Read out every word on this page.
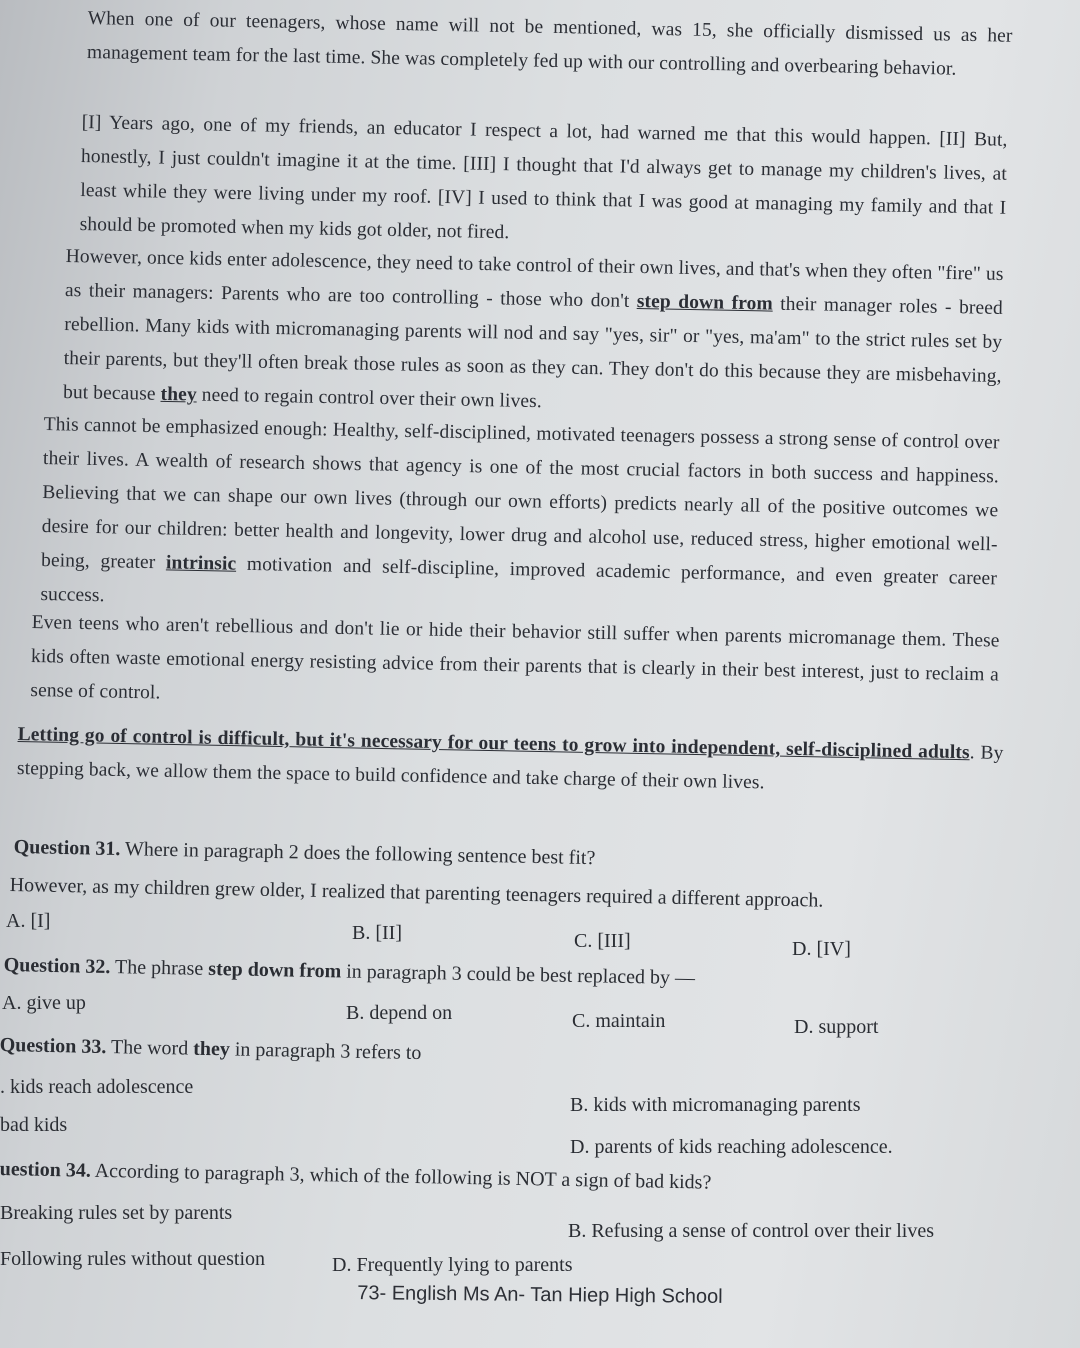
When one of our teenagers, whose name will not be mentioned, was 15, she officially dismissed us as her management team for the last time. She was completely fed up with our controlling and overbearing behavior.

[I] Years ago, one of my friends, an educator I respect a lot, had warned me that this would happen. [II] But, honestly, I just couldn't imagine it at the time. [III] I thought that I'd always get to manage my children's lives, at least while they were living under my roof. [IV] I used to think that I was good at managing my family and that I should be promoted when my kids got older, not fired.

However, once kids enter adolescence, they need to take control of their own lives, and that's when they often "fire" us as their managers: Parents who are too controlling - those who don't step down from their manager roles - breed rebellion. Many kids with micromanaging parents will nod and say "yes, sir" or "yes, ma'am" to the strict rules set by their parents, but they'll often break those rules as soon as they can. They don't do this because they are misbehaving, but because they need to regain control over their own lives.

This cannot be emphasized enough: Healthy, self-disciplined, motivated teenagers possess a strong sense of control over their lives. A wealth of research shows that agency is one of the most crucial factors in both success and happiness. Believing that we can shape our own lives (through our own efforts) predicts nearly all of the positive outcomes we desire for our children: better health and longevity, lower drug and alcohol use, reduced stress, higher emotional well-being, greater intrinsic motivation and self-discipline, improved academic performance, and even greater career success.

Even teens who aren't rebellious and don't lie or hide their behavior still suffer when parents micromanage them. These kids often waste emotional energy resisting advice from their parents that is clearly in their best interest, just to reclaim a sense of control.

Letting go of control is difficult, but it's necessary for our teens to grow into independent, self-disciplined adults. By stepping back, we allow them the space to build confidence and take charge of their own lives.

Question 31. Where in paragraph 2 does the following sentence best fit?
However, as my children grew older, I realized that parenting teenagers required a different approach.
A. [I]
B. [II]	C. [III]	D. [IV]
Question 32. The phrase step down from in paragraph 3 could be best replaced by —
A. give up	B. depend on	C. maintain	D. support
Question 33. The word they in paragraph 3 refers to
. kids reach adolescence
B. kids with micromanaging parents
bad kids
D. parents of kids reaching adolescence.
uestion 34. According to paragraph 3, which of the following is NOT a sign of bad kids?
Breaking rules set by parents
B. Refusing a sense of control over their lives
Following rules without question	D. Frequently lying to parents
73- English Ms An- Tan Hiep High School
